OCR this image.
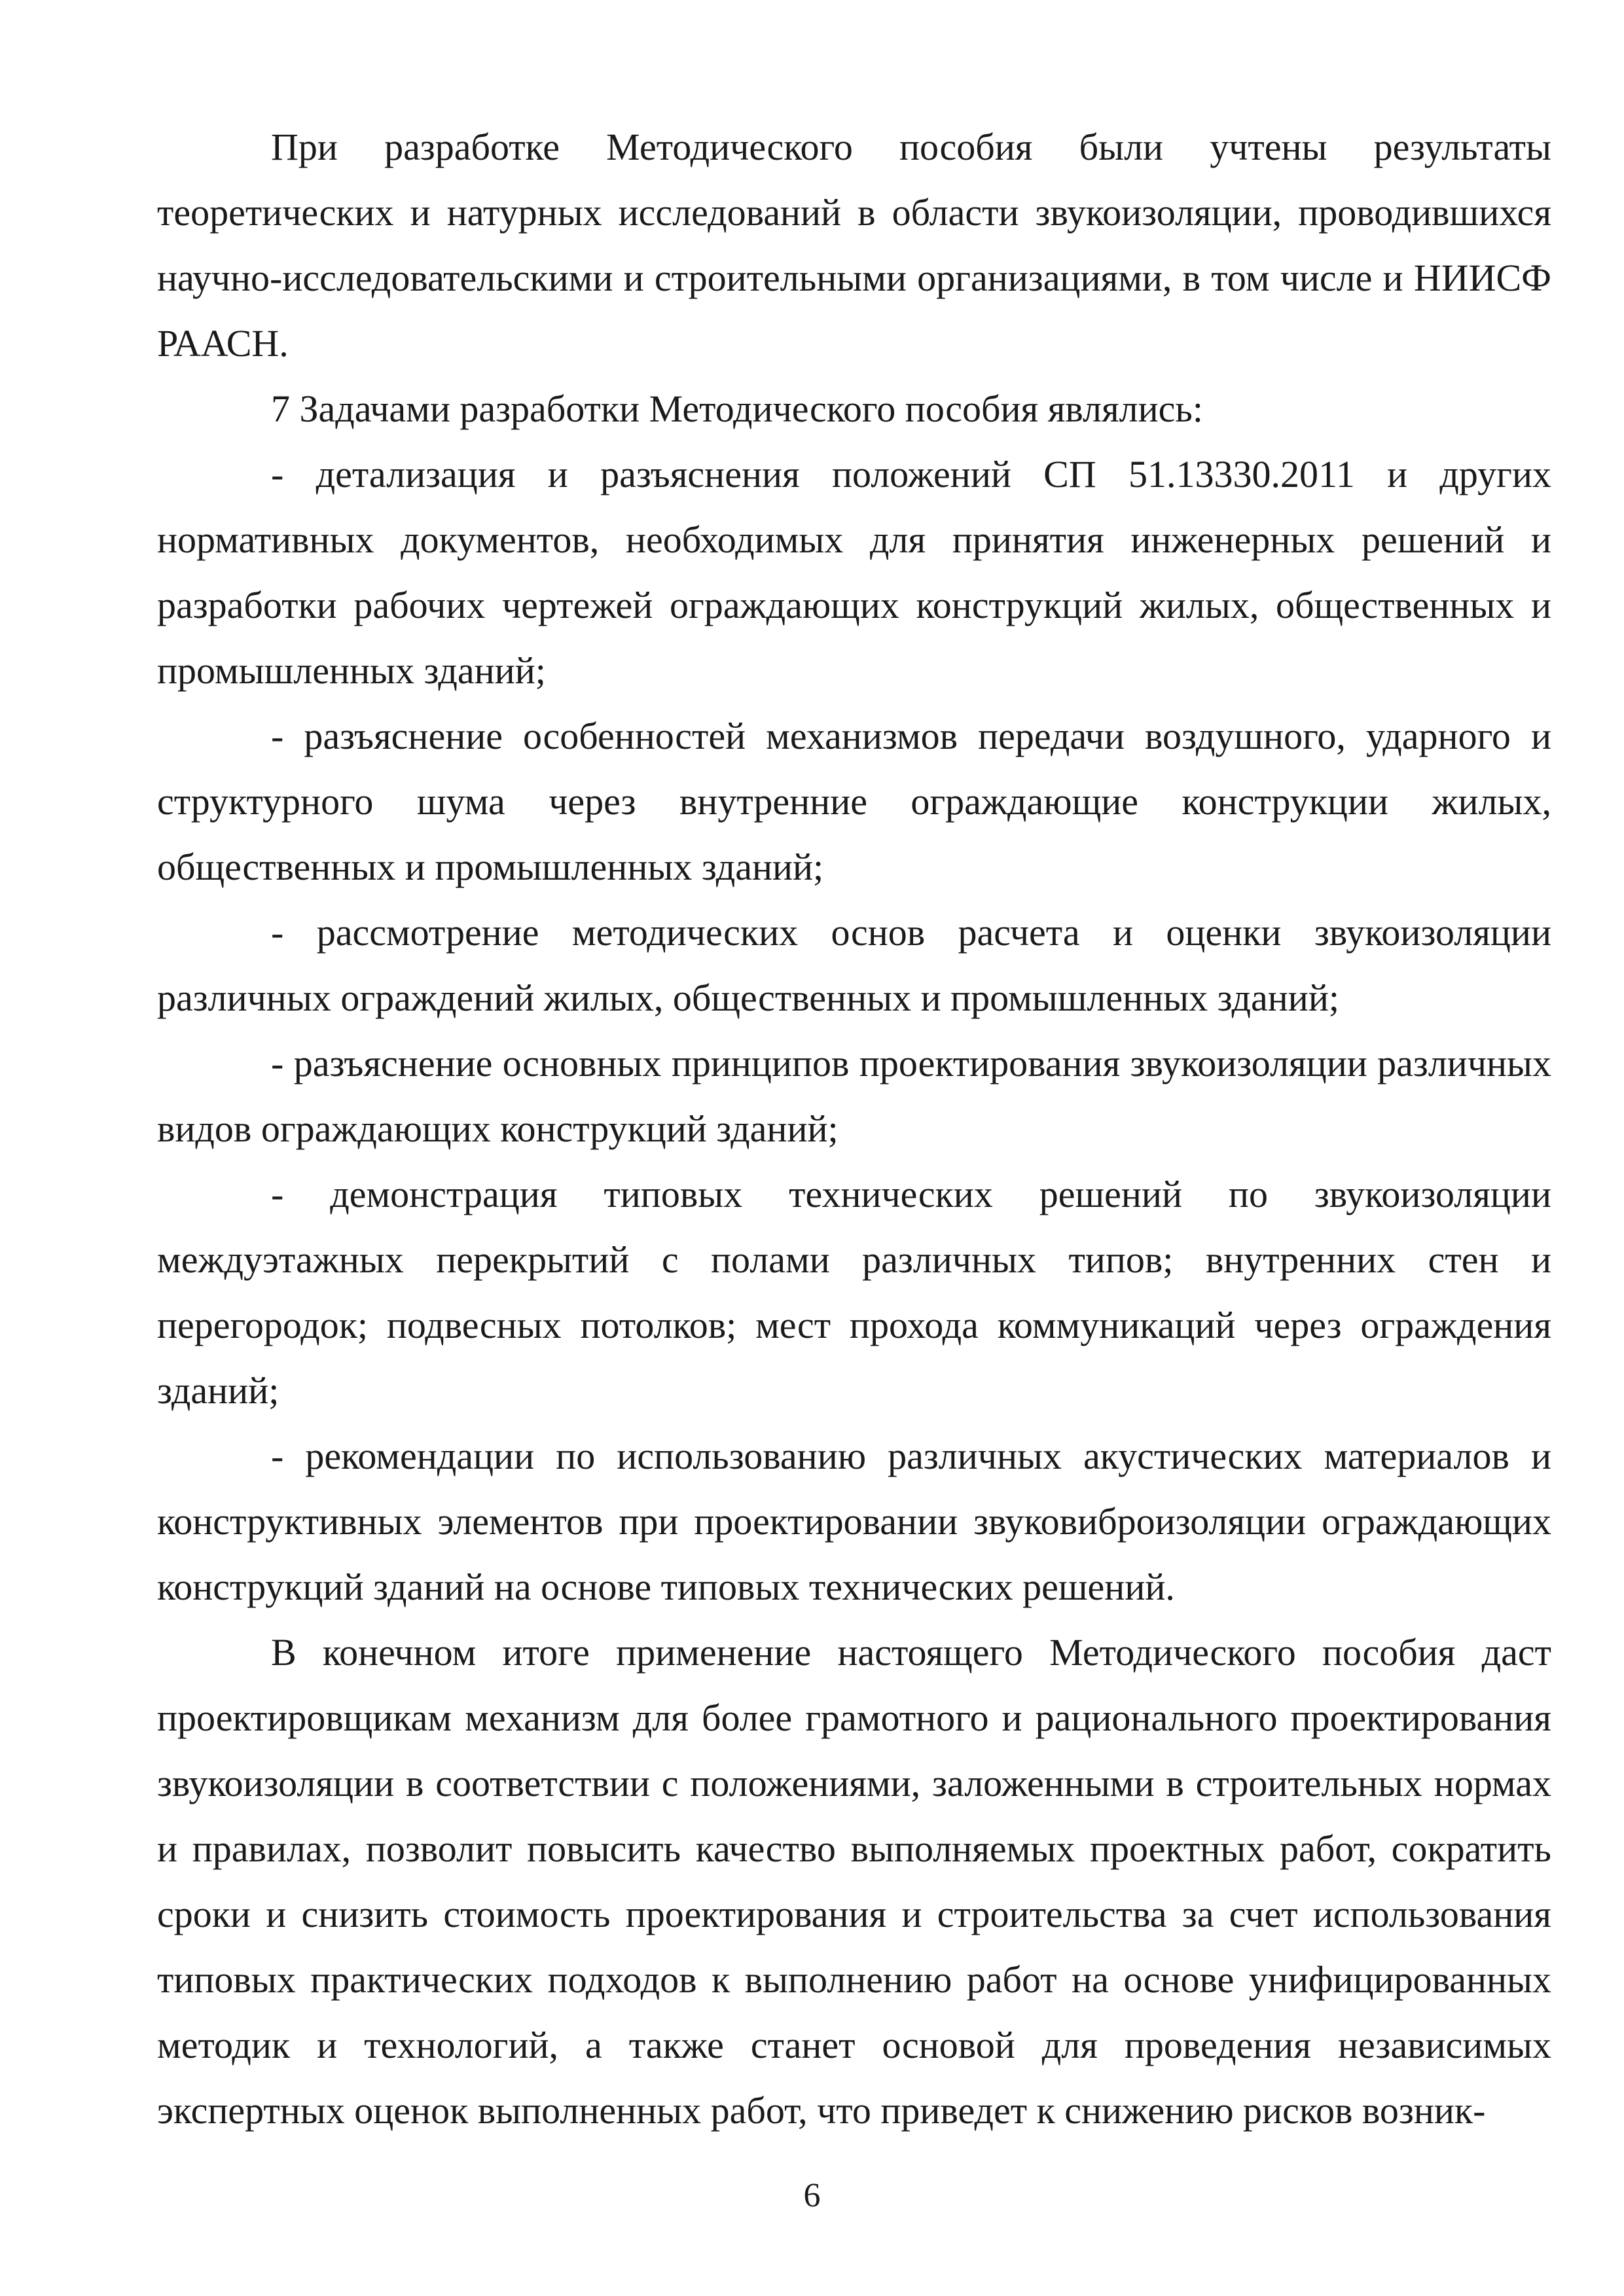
При разработке Методического пособия были учтены результаты теоретических и натурных исследований в области звукоизоляции, проводившихся научно-исследовательскими и строительными организациями, в том числе и НИИСФ РААСН.

7 Задачами разработки Методического пособия являлись:

- детализация и разъяснения положений СП 51.13330.2011 и других нормативных документов, необходимых для принятия инженерных решений и разработки рабочих чертежей ограждающих конструкций жилых, общественных и промышленных зданий;

- разъяснение особенностей механизмов передачи воздушного, ударного и структурного шума через внутренние ограждающие конструкции жилых, общественных и промышленных зданий;

- рассмотрение методических основ расчета и оценки звукоизоляции различных ограждений жилых, общественных и промышленных зданий;

- разъяснение основных принципов проектирования звукоизоляции различных видов ограждающих конструкций зданий;

- демонстрация типовых технических решений по звукоизоляции междуэтажных перекрытий с полами различных типов; внутренних стен и перегородок; подвесных потолков; мест прохода коммуникаций через ограждения зданий;

- рекомендации по использованию различных акустических материалов и конструктивных элементов при проектировании звуковиброизоляции ограждающих конструкций зданий на основе типовых технических решений.

В конечном итоге применение настоящего Методического пособия даст проектировщикам механизм для более грамотного и рационального проектирования звукоизоляции в соответствии с положениями, заложенными в строительных нормах и правилах, позволит повысить качество выполняемых проектных работ, сократить сроки и снизить стоимость проектирования и строительства за счет использования типовых практических подходов к выполнению работ на основе унифицированных методик и технологий, а также станет основой для проведения независимых экспертных оценок выполненных работ, что приведет к снижению рисков возник-

6
